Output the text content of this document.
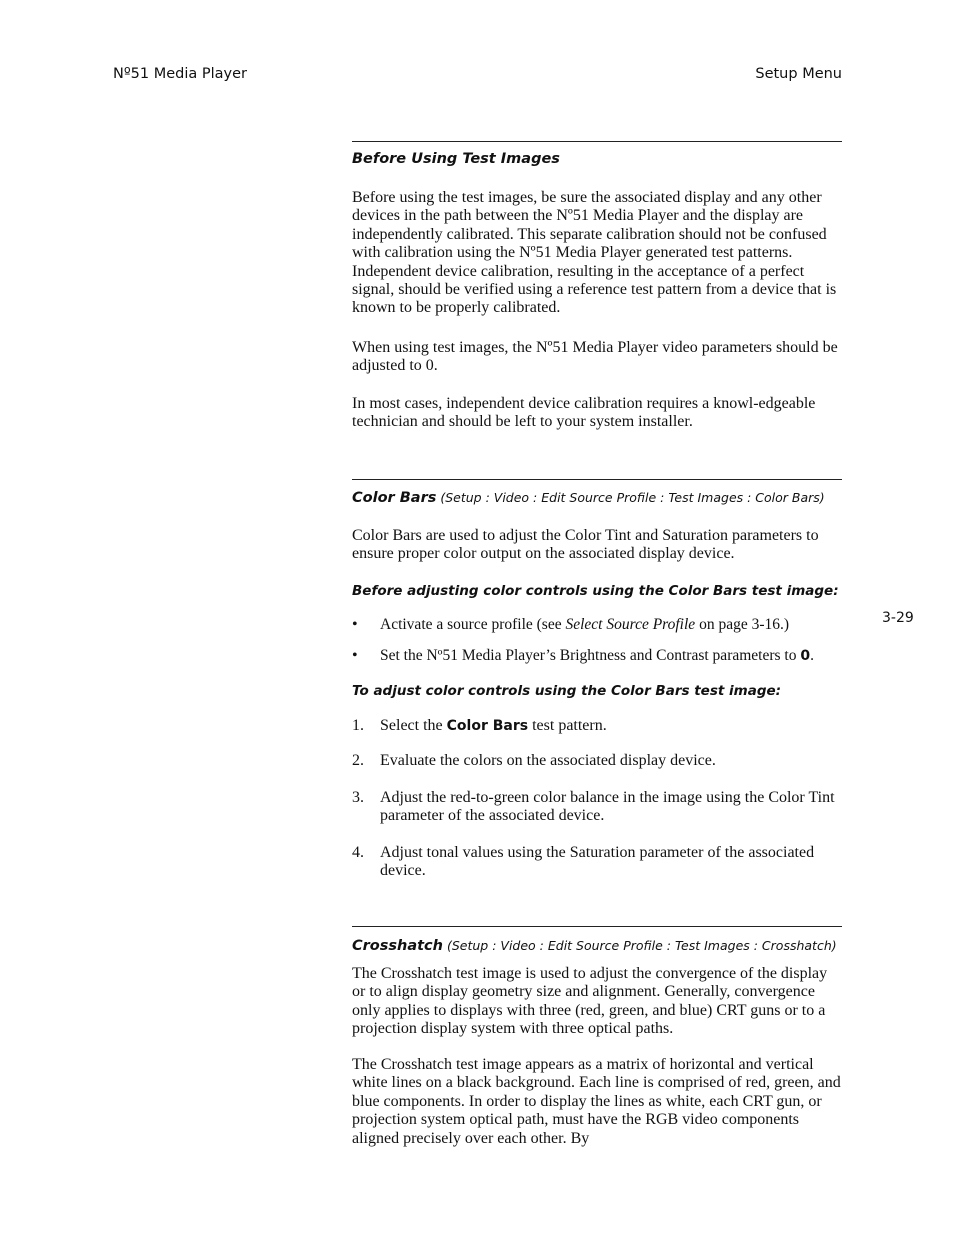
Nº51 Media Player	Setup Menu
3-29
Before Using Test Images

Before using the test images, be sure the associated display and any other devices in the path between the Nº51 Media Player and the display are independently calibrated. This separate calibration should not be confused with calibration using the Nº51 Media Player generated test patterns. Independent device calibration, resulting in the acceptance of a perfect signal, should be verified using a reference test pattern from a device that is known to be properly calibrated.

When using test images, the Nº51 Media Player video parameters should be adjusted to 0.

In most cases, independent device calibration requires a knowl-edgeable technician and should be left to your system installer.

Color Bars (Setup : Video : Edit Source Profile : Test Images : Color Bars)

Color Bars are used to adjust the Color Tint and Saturation parameters to ensure proper color output on the associated display device.

Before adjusting color controls using the Color Bars test image:
• Activate a source profile (see Select Source Profile on page 3-16.)
• Set the Nº51 Media Player’s Brightness and Contrast parameters to 0.
To adjust color controls using the Color Bars test image:
1. Select the Color Bars test pattern.
2. Evaluate the colors on the associated display device.
3. Adjust the red-to-green color balance in the image using the Color Tint parameter of the associated device.
4. Adjust tonal values using the Saturation parameter of the associated device.
Crosshatch (Setup : Video : Edit Source Profile : Test Images : Crosshatch)

The Crosshatch test image is used to adjust the convergence of the display or to align display geometry size and alignment. Generally, convergence only applies to displays with three (red, green, and blue) CRT guns or to a projection display system with three optical paths.

The Crosshatch test image appears as a matrix of horizontal and vertical white lines on a black background. Each line is comprised of red, green, and blue components. In order to display the lines as white, each CRT gun, or projection system optical path, must have the RGB video components aligned precisely over each other. By
